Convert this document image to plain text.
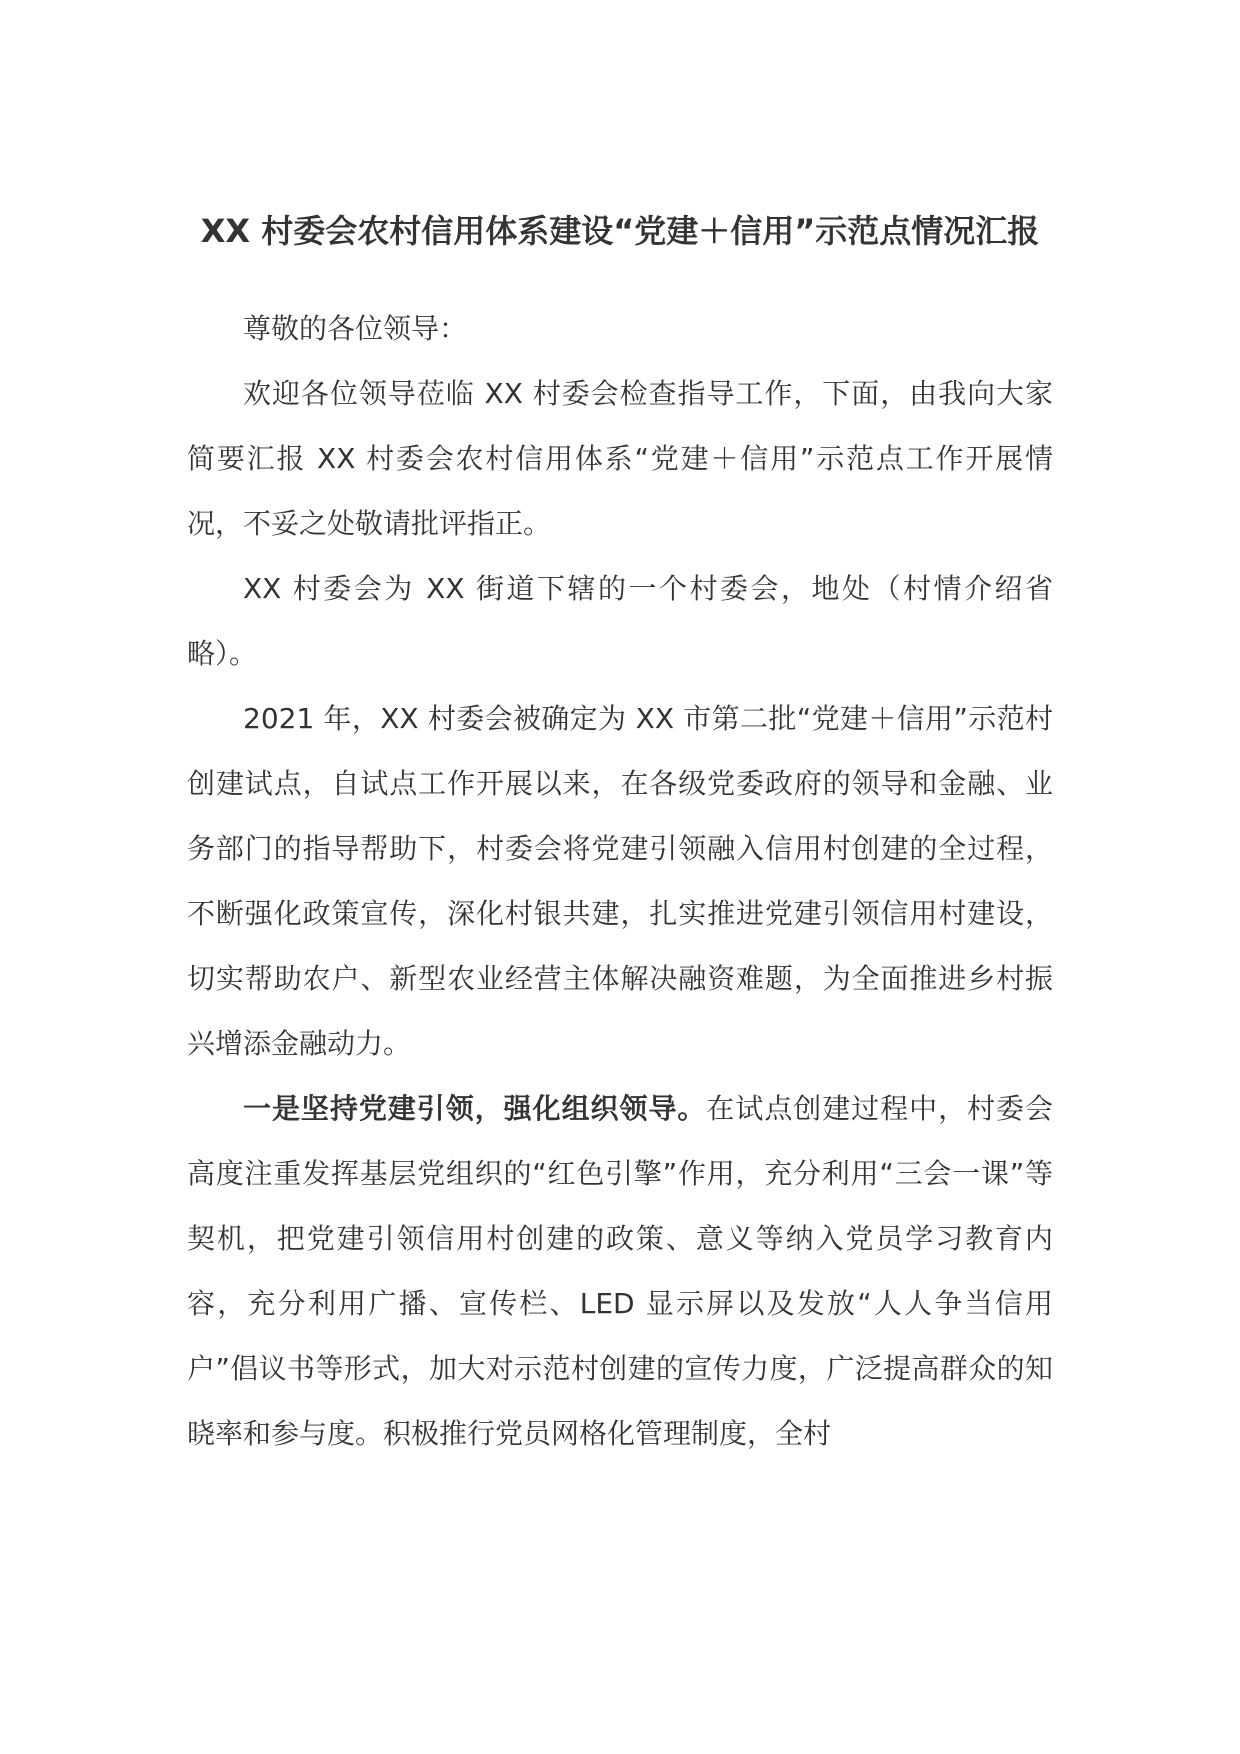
XX 村委会农村信用体系建设“党建＋信用”示范点情况汇报

尊敬的各位领导：

欢迎各位领导莅临 XX 村委会检查指导工作，下面，由我向大家简要汇报 XX 村委会农村信用体系“党建＋信用”示范点工作开展情况，不妥之处敬请批评指正。

XX 村委会为 XX 街道下辖的一个村委会，地处（村情介绍省略）。

2021 年，XX 村委会被确定为 XX 市第二批“党建＋信用”示范村创建试点，自试点工作开展以来，在各级党委政府的领导和金融、业务部门的指导帮助下，村委会将党建引领融入信用村创建的全过程，不断强化政策宣传，深化村银共建，扎实推进党建引领信用村建设，切实帮助农户、新型农业经营主体解决融资难题，为全面推进乡村振兴增添金融动力。

一是坚持党建引领，强化组织领导。在试点创建过程中，村委会高度注重发挥基层党组织的“红色引擎”作用，充分利用“三会一课”等契机，把党建引领信用村创建的政策、意义等纳入党员学习教育内容，充分利用广播、宣传栏、LED 显示屏以及发放“人人争当信用户”倡议书等形式，加大对示范村创建的宣传力度，广泛提高群众的知晓率和参与度。积极推行党员网格化管理制度，全村
